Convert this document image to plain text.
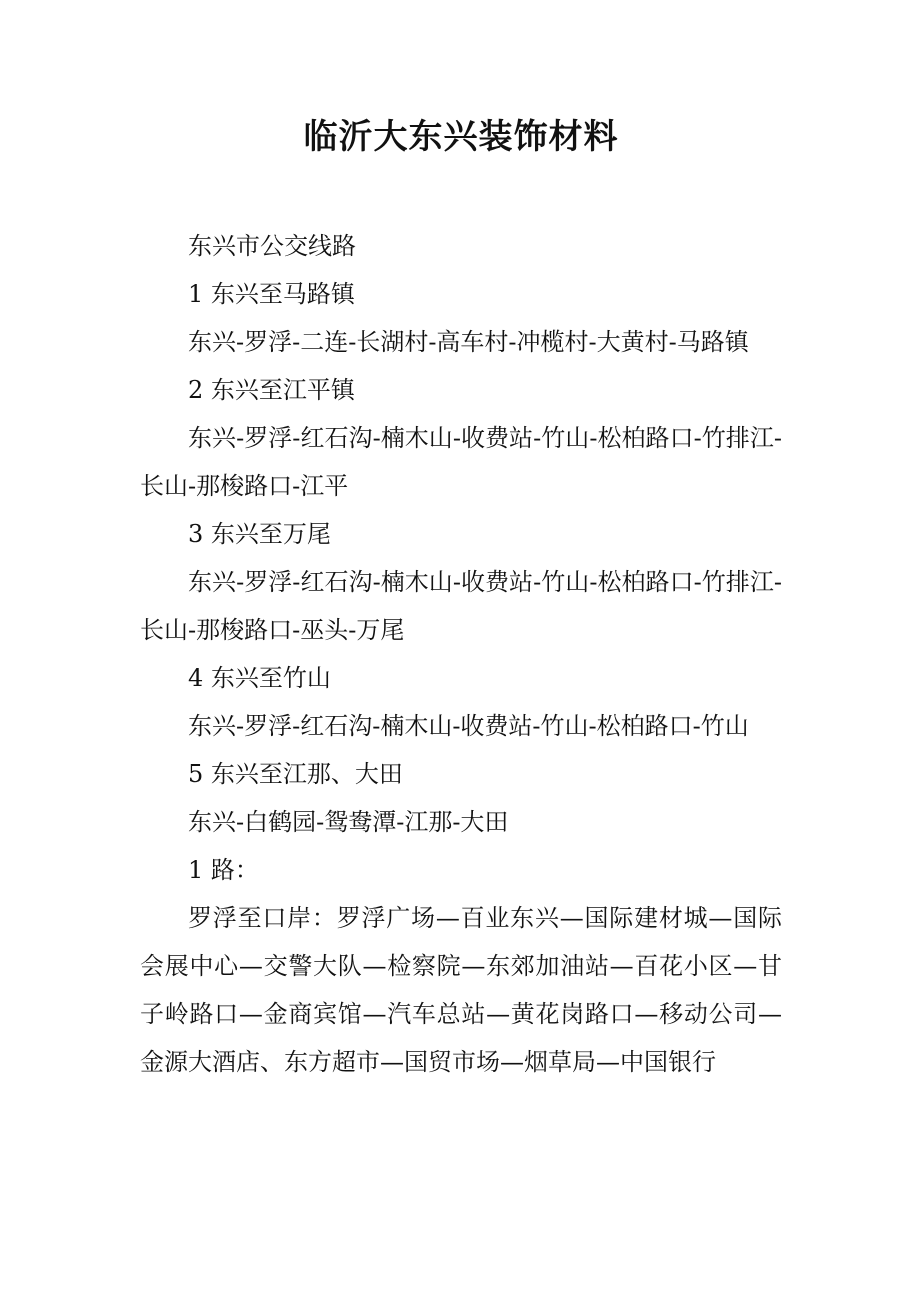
临沂大东兴装饰材料

东兴市公交线路

1 东兴至马路镇

东兴-罗浮-二连-长湖村-高车村-冲榄村-大黄村-马路镇

2 东兴至江平镇

东兴-罗浮-红石沟-楠木山-收费站-竹山-松柏路口-竹排江-长山-那梭路口-江平

3 东兴至万尾

东兴-罗浮-红石沟-楠木山-收费站-竹山-松柏路口-竹排江-长山-那梭路口-巫头-万尾

4 东兴至竹山

东兴-罗浮-红石沟-楠木山-收费站-竹山-松柏路口-竹山

5 东兴至江那、大田

东兴-白鹤园-鸳鸯潭-江那-大田

1 路：

罗浮至口岸：罗浮广场—百业东兴—国际建材城—国际会展中心—交警大队—检察院—东郊加油站—百花小区—甘子岭路口—金商宾馆—汽车总站—黄花岗路口—移动公司—金源大酒店、东方超市—国贸市场—烟草局—中国银行
